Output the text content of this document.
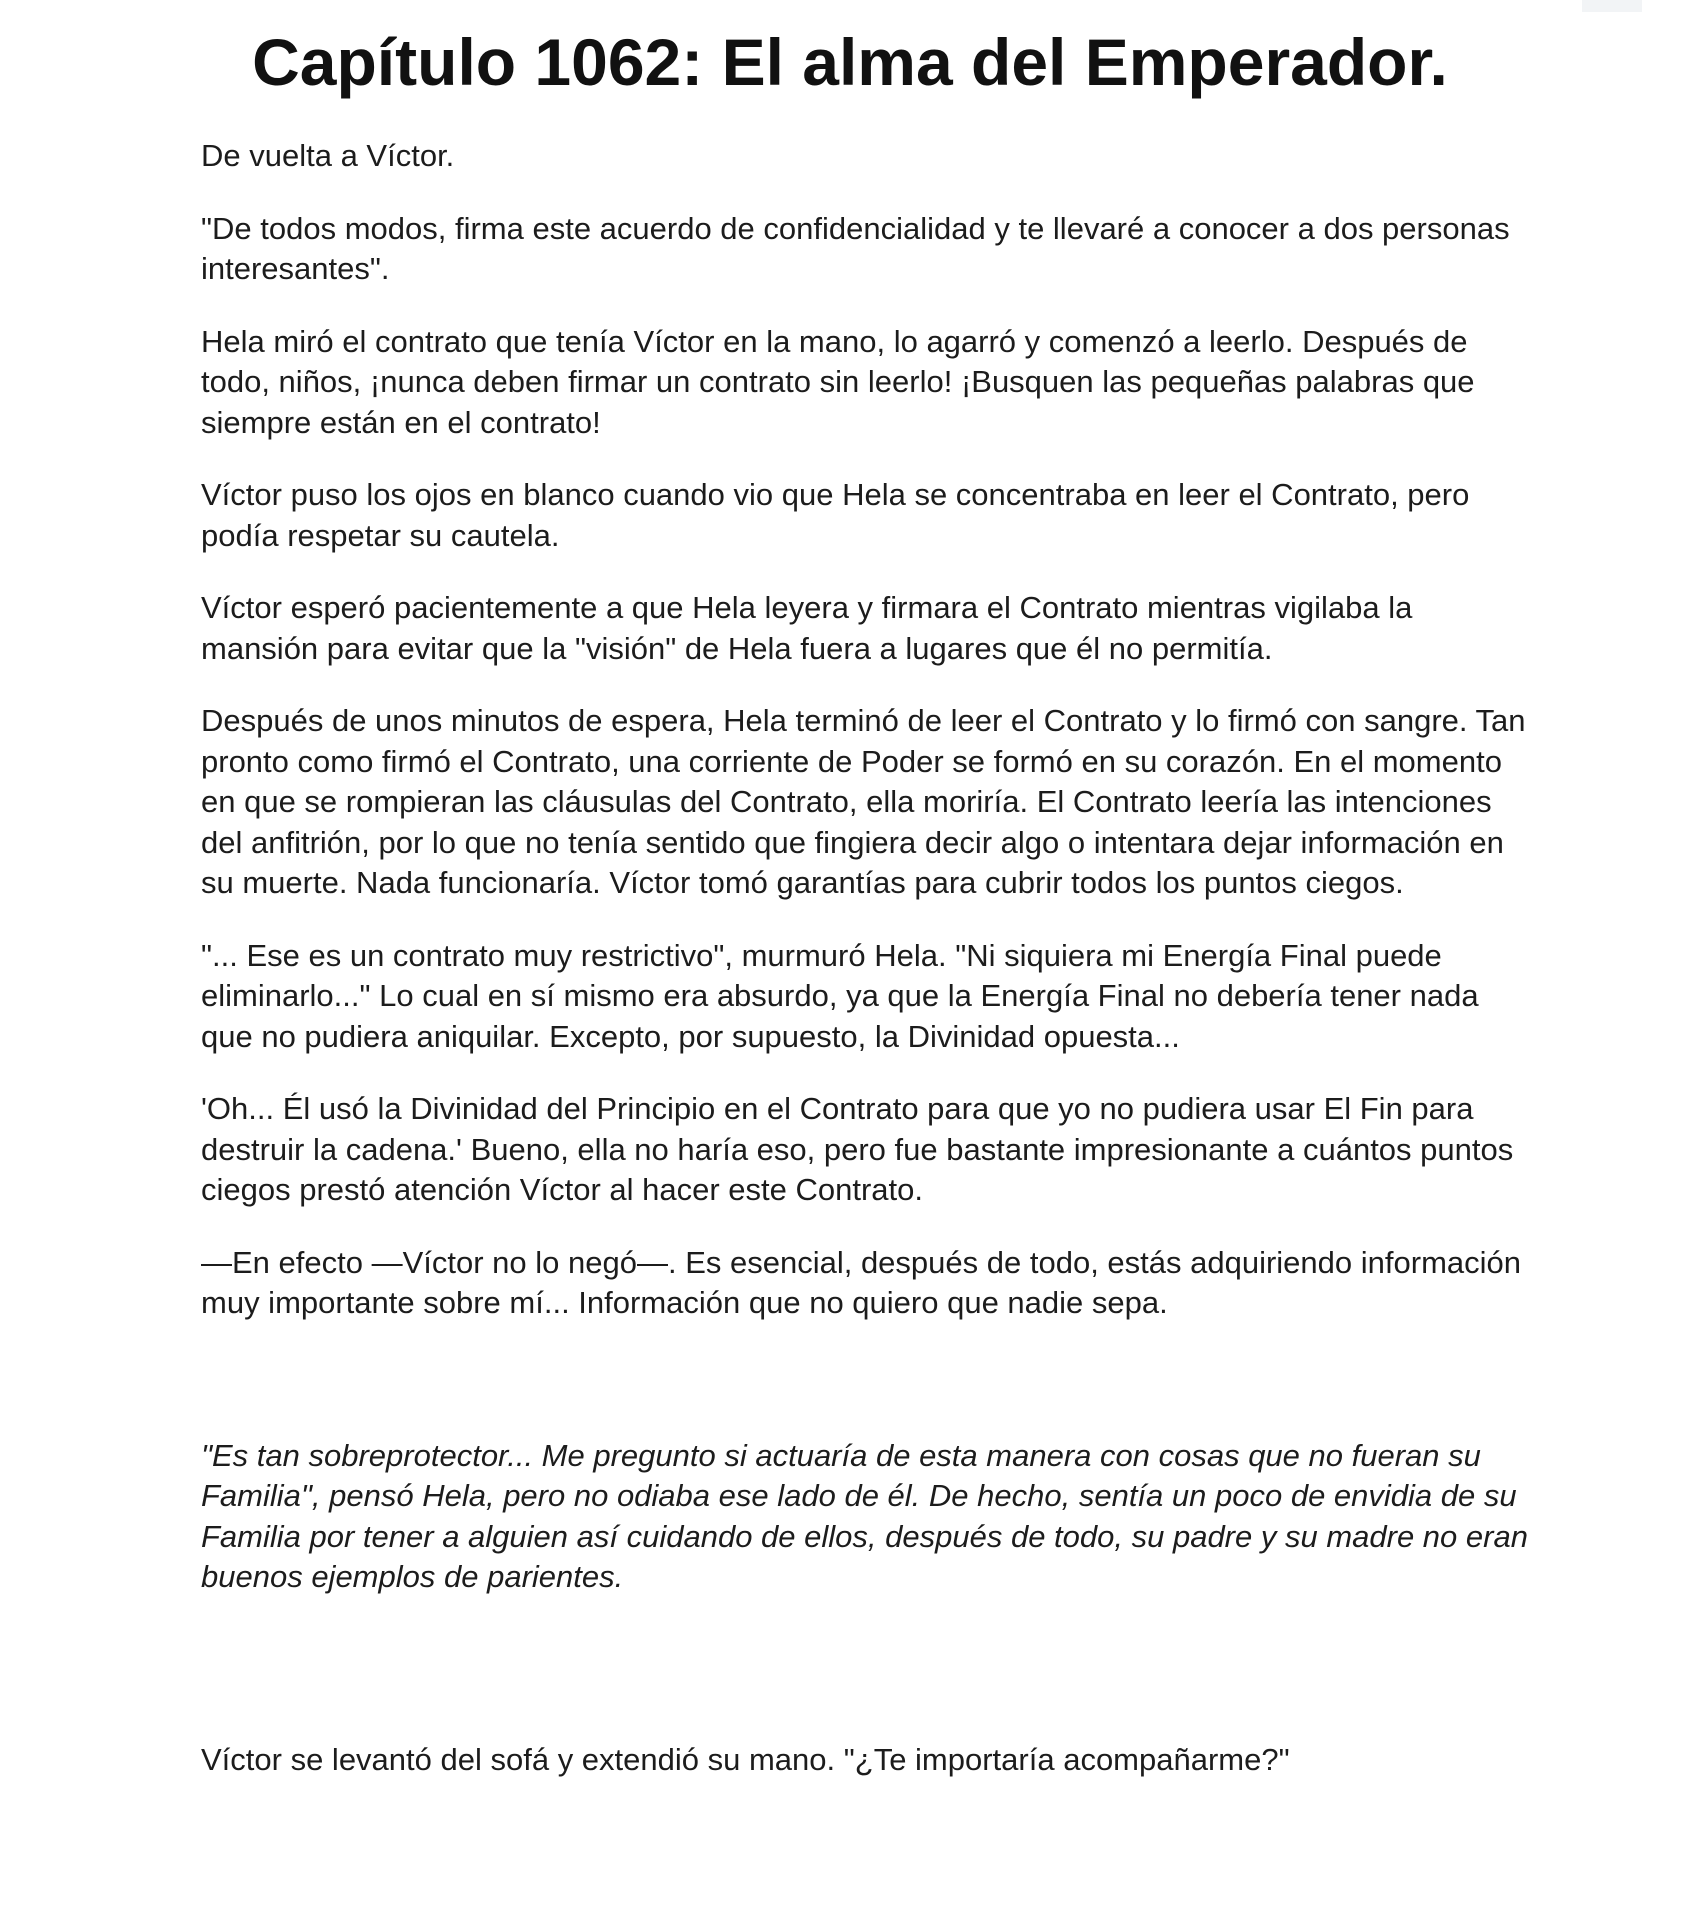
Capítulo 1062: El alma del Emperador.

De vuelta a Víctor.

"De todos modos, firma este acuerdo de confidencialidad y te llevaré a conocer a dos personas interesantes".

Hela miró el contrato que tenía Víctor en la mano, lo agarró y comenzó a leerlo. Después de todo, niños, ¡nunca deben firmar un contrato sin leerlo! ¡Busquen las pequeñas palabras que siempre están en el contrato!

Víctor puso los ojos en blanco cuando vio que Hela se concentraba en leer el Contrato, pero podía respetar su cautela.

Víctor esperó pacientemente a que Hela leyera y firmara el Contrato mientras vigilaba la mansión para evitar que la "visión" de Hela fuera a lugares que él no permitía.

Después de unos minutos de espera, Hela terminó de leer el Contrato y lo firmó con sangre. Tan pronto como firmó el Contrato, una corriente de Poder se formó en su corazón. En el momento en que se rompieran las cláusulas del Contrato, ella moriría. El Contrato leería las intenciones del anfitrión, por lo que no tenía sentido que fingiera decir algo o intentara dejar información en su muerte. Nada funcionaría. Víctor tomó garantías para cubrir todos los puntos ciegos.

"... Ese es un contrato muy restrictivo", murmuró Hela. "Ni siquiera mi Energía Final puede eliminarlo..." Lo cual en sí mismo era absurdo, ya que la Energía Final no debería tener nada que no pudiera aniquilar. Excepto, por supuesto, la Divinidad opuesta...

'Oh... Él usó la Divinidad del Principio en el Contrato para que yo no pudiera usar El Fin para destruir la cadena.' Bueno, ella no haría eso, pero fue bastante impresionante a cuántos puntos ciegos prestó atención Víctor al hacer este Contrato.

—En efecto —Víctor no lo negó—. Es esencial, después de todo, estás adquiriendo información muy importante sobre mí... Información que no quiero que nadie sepa.

"Es tan sobreprotector... Me pregunto si actuaría de esta manera con cosas que no fueran su Familia", pensó Hela, pero no odiaba ese lado de él. De hecho, sentía un poco de envidia de su Familia por tener a alguien así cuidando de ellos, después de todo, su padre y su madre no eran buenos ejemplos de parientes.

Víctor se levantó del sofá y extendió su mano. "¿Te importaría acompañarme?"
